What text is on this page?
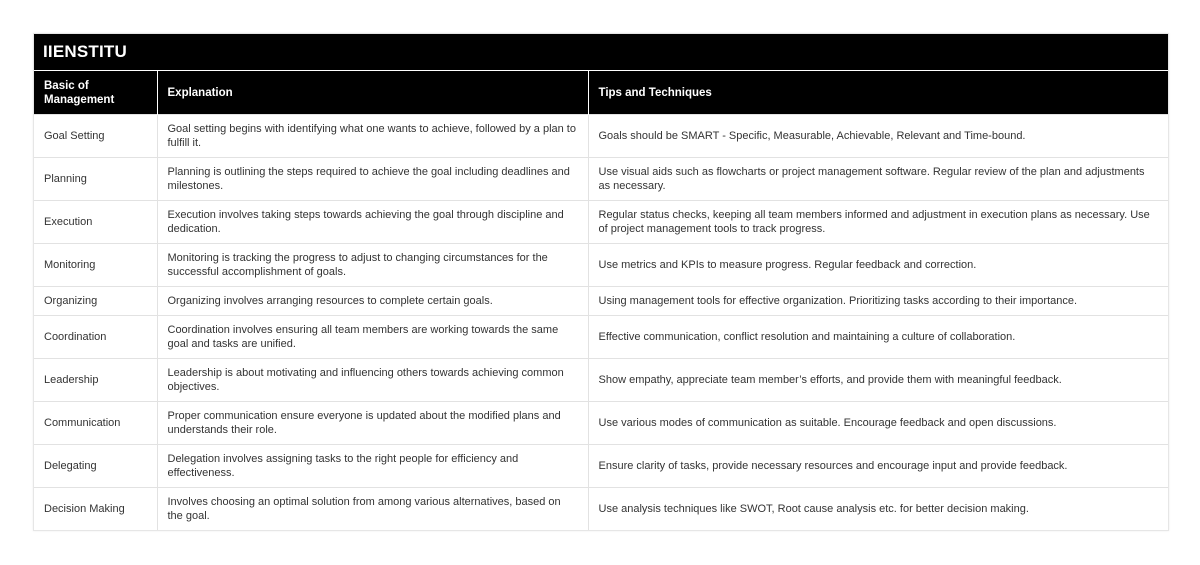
IIENSTITU
Basic of Management	Explanation	Tips and Techniques
Goal Setting	Goal setting begins with identifying what one wants to achieve, followed by a plan to fulfill it.	Goals should be SMART - Specific, Measurable, Achievable, Relevant and Time-bound.
Planning	Planning is outlining the steps required to achieve the goal including deadlines and milestones.	Use visual aids such as flowcharts or project management software. Regular review of the plan and adjustments as necessary.
Execution	Execution involves taking steps towards achieving the goal through discipline and dedication.	Regular status checks, keeping all team members informed and adjustment in execution plans as necessary. Use of project management tools to track progress.
Monitoring	Monitoring is tracking the progress to adjust to changing circumstances for the successful accomplishment of goals.	Use metrics and KPIs to measure progress. Regular feedback and correction.
Organizing	Organizing involves arranging resources to complete certain goals.	Using management tools for effective organization. Prioritizing tasks according to their importance.
Coordination	Coordination involves ensuring all team members are working towards the same goal and tasks are unified.	Effective communication, conflict resolution and maintaining a culture of collaboration.
Leadership	Leadership is about motivating and influencing others towards achieving common objectives.	Show empathy, appreciate team member’s efforts, and provide them with meaningful feedback.
Communication	Proper communication ensure everyone is updated about the modified plans and understands their role.	Use various modes of communication as suitable. Encourage feedback and open discussions.
Delegating	Delegation involves assigning tasks to the right people for efficiency and effectiveness.	Ensure clarity of tasks, provide necessary resources and encourage input and provide feedback.
Decision Making	Involves choosing an optimal solution from among various alternatives, based on the goal.	Use analysis techniques like SWOT, Root cause analysis etc. for better decision making.
